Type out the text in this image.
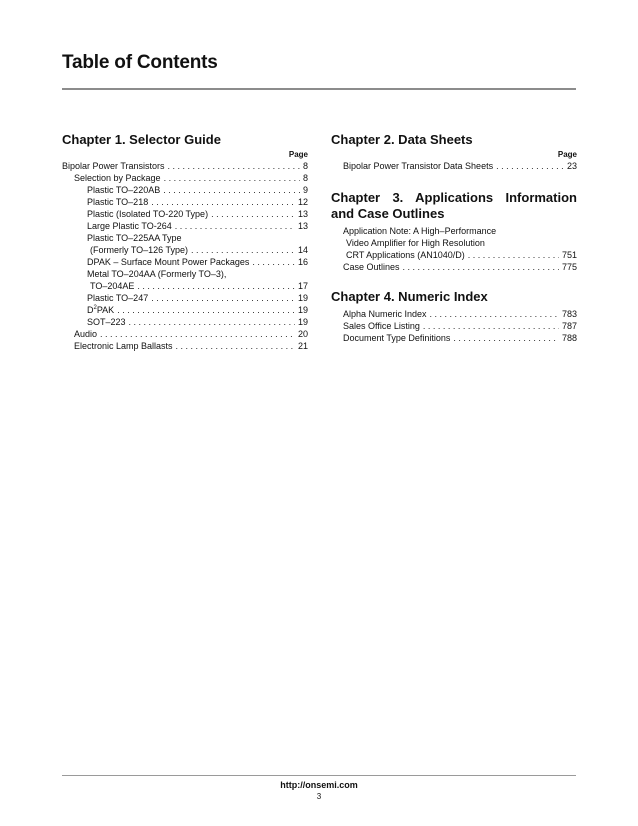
Table of Contents
Chapter 1. Selector Guide
Page
Bipolar Power Transistors . . .	8
Selection by Package . . .	8
Plastic TO–220AB . . .	9
Plastic TO–218 . . .	12
Plastic (Isolated TO-220 Type) . . .	13
Large Plastic TO-264 . . .	13
Plastic TO–225AA Type
(Formerly TO–126 Type) . . .	14
DPAK – Surface Mount Power Packages . . .	16
Metal TO–204AA (Formerly TO–3),
TO–204AE . . .	17
Plastic TO–247 . . .	19
$D^2PAK$ . . .	19
SOT–223 . . .	19
Audio . . .	20
Electronic Lamp Ballasts . . .	21
Chapter 2. Data Sheets
Page
Bipolar Power Transistor Data Sheets . . .	23
Chapter 3. Applications Information and Case Outlines
Application Note: A High–Performance
Video Amplifier for High Resolution
CRT Applications (AN1040/D) . . .	751
Case Outlines . . .	775
Chapter 4. Numeric Index
Alpha Numeric Index . . .	783
Sales Office Listing . . .	787
Document Type Definitions . . .	788

http://onsemi.com

3
